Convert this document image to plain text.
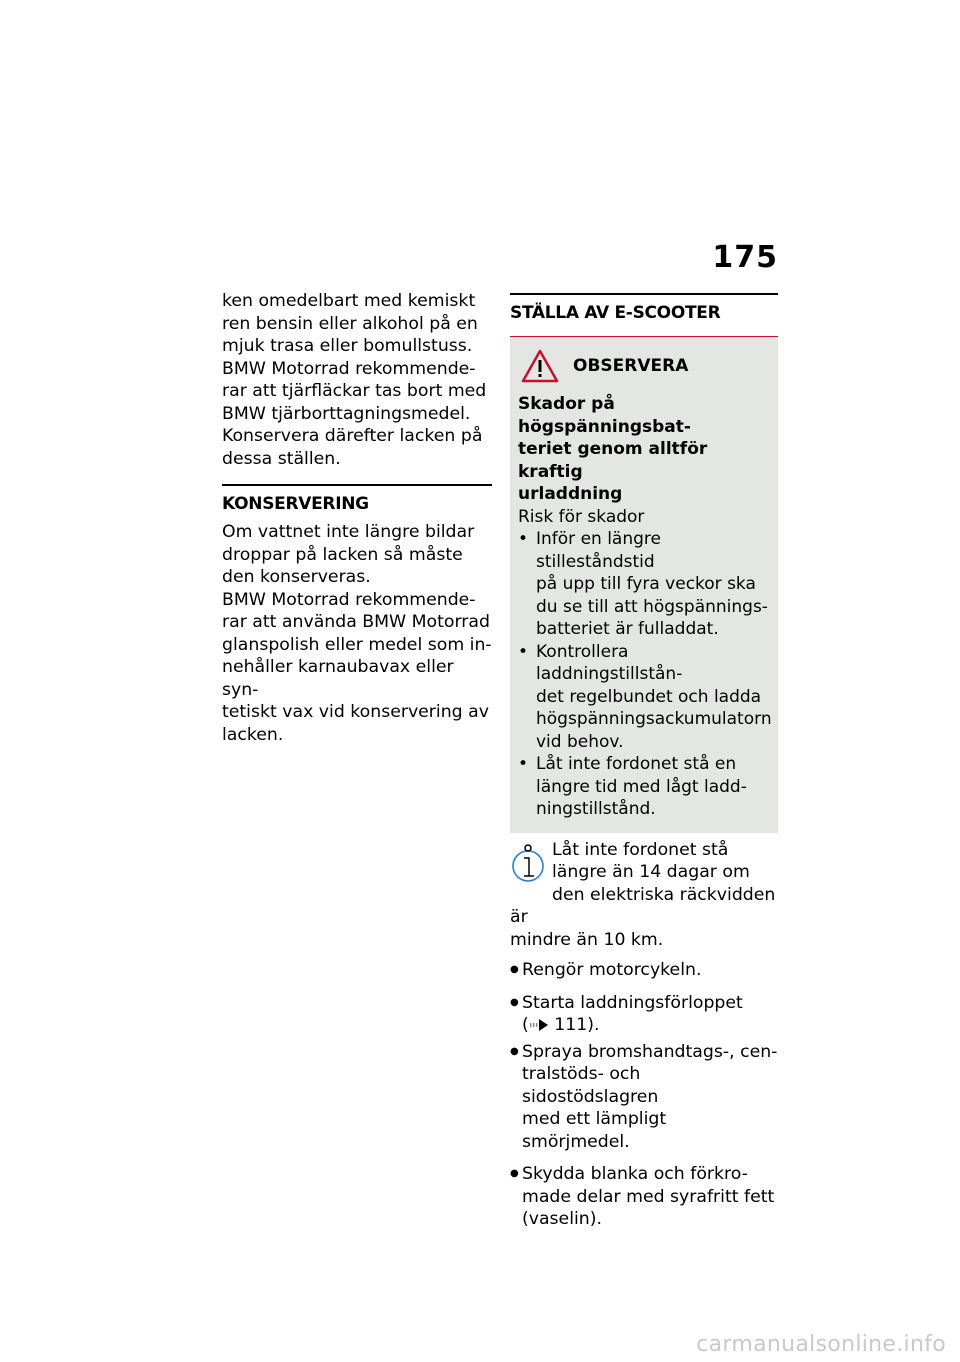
175

ken omedelbart med kemiskt
ren bensin eller alkohol på en
mjuk trasa eller bomullstuss.
BMW Motorrad rekommende-
rar att tjärfläckar tas bort med
BMW tjärborttagningsmedel.
Konservera därefter lacken på
dessa ställen.

KONSERVERING

Om vattnet inte längre bildar
droppar på lacken så måste
den konserveras.

BMW Motorrad rekommende-
rar att använda BMW Motorrad
glanspolish eller medel som in-
nehåller karnaubavax eller syn-
tetiskt vax vid konservering av
lacken.

STÄLLA AV E-SCOOTER
OBSERVERA

Skador på högspänningsbat-
teriet genom alltför kraftig
urladdning

Risk för skador

• Inför en längre stilleståndstid
på upp till fyra veckor ska
du se till att högspännings-
batteriet är fulladdat.
• Kontrollera laddningstillstån-
det regelbundet och ladda
högspänningsackumulatorn
vid behov.
• Låt inte fordonet stå en
längre tid med lågt ladd-
ningstillstånd.

Låt inte fordonet stå
längre än 14 dagar om
den elektriska räckvidden är
mindre än 10 km.

● Rengör motorcykeln.
● Starta laddningsförloppet
( 111).
● Spraya bromshandtags-, cen-
tralstöds- och sidostödslagren
med ett lämpligt smörjmedel.
● Skydda blanka och förkro-
made delar med syrafritt fett
(vaselin).
carmanualsonline.info
